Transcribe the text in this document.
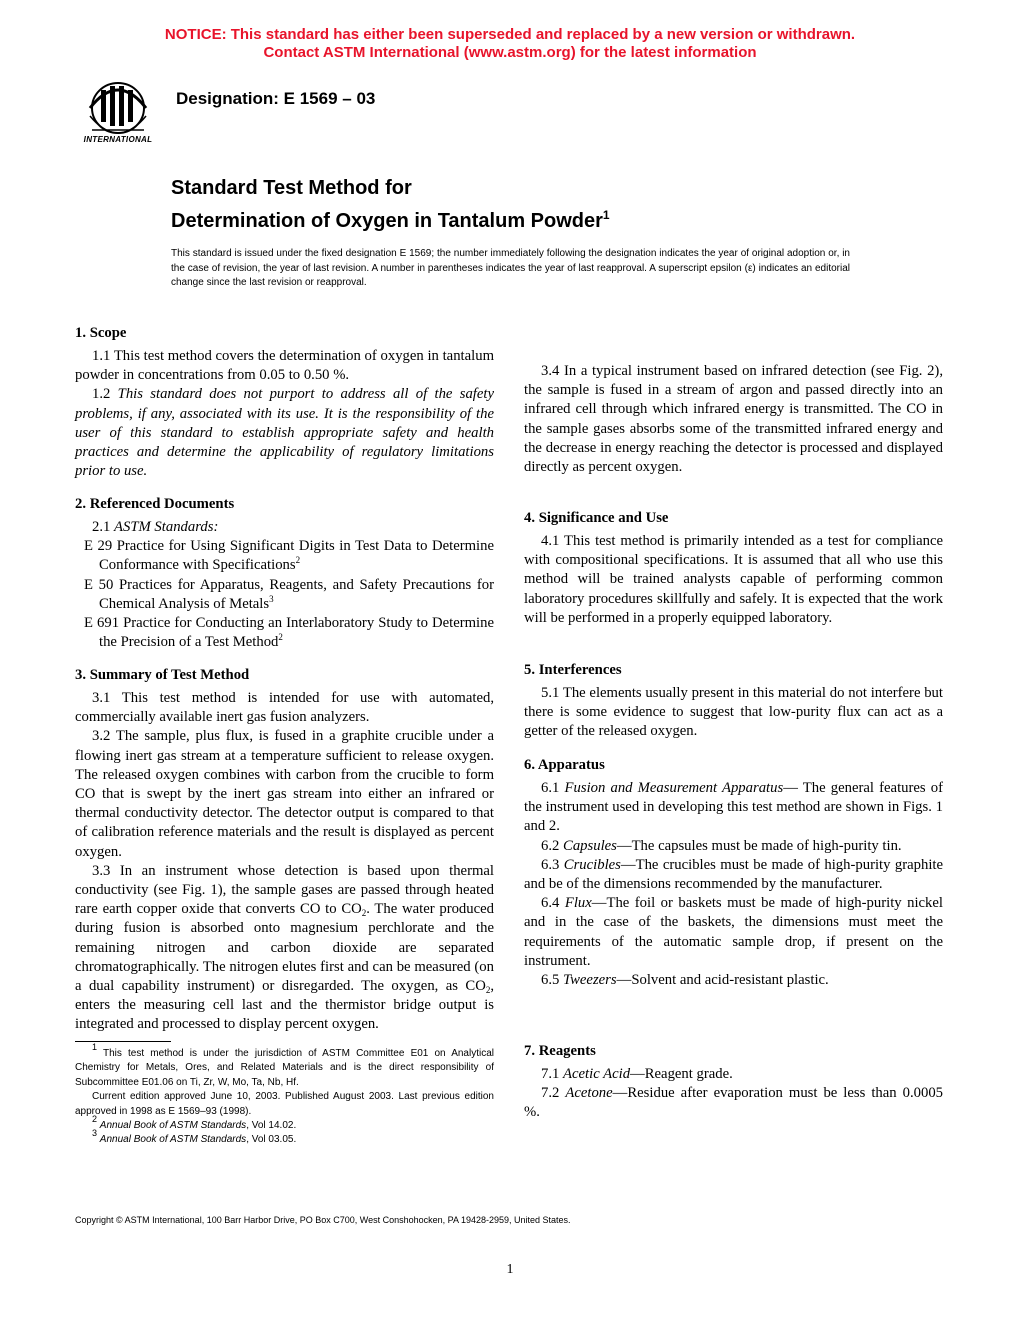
NOTICE: This standard has either been superseded and replaced by a new version or withdrawn.
Contact ASTM International (www.astm.org) for the latest information
INTERNATIONAL
Designation: E 1569 – 03
Standard Test Method for
Determination of Oxygen in Tantalum Powder$^1$
This standard is issued under the fixed designation E 1569; the number immediately following the designation indicates the year of original adoption or, in the case of revision, the year of last revision. A number in parentheses indicates the year of last reapproval. A superscript epsilon (ε) indicates an editorial change since the last revision or reapproval.
1. Scope

1.1 This test method covers the determination of oxygen in tantalum powder in concentrations from 0.05 to 0.50 %.

1.2 This standard does not purport to address all of the safety problems, if any, associated with its use. It is the responsibility of the user of this standard to establish appropriate safety and health practices and determine the applicability of regulatory limitations prior to use.

2. Referenced Documents

2.1 ASTM Standards:

E 29 Practice for Using Significant Digits in Test Data to Determine Conformance with Specifications$^2$

E 50 Practices for Apparatus, Reagents, and Safety Precautions for Chemical Analysis of Metals$^3$

E 691 Practice for Conducting an Interlaboratory Study to Determine the Precision of a Test Method$^2$

3. Summary of Test Method

3.1 This test method is intended for use with automated, commercially available inert gas fusion analyzers.

3.2 The sample, plus flux, is fused in a graphite crucible under a flowing inert gas stream at a temperature sufficient to release oxygen. The released oxygen combines with carbon from the crucible to form CO that is swept by the inert gas stream into either an infrared or thermal conductivity detector. The detector output is compared to that of calibration reference materials and the result is displayed as percent oxygen.

3.3 In an instrument whose detection is based upon thermal conductivity (see Fig. 1), the sample gases are passed through heated rare earth copper oxide that converts CO to $CO_2$. The water produced during fusion is absorbed onto magnesium perchlorate and the remaining nitrogen and carbon dioxide are separated chromatographically. The nitrogen elutes first and can be measured (on a dual capability instrument) or disregarded. The oxygen, as $CO_2$, enters the measuring cell last and the thermistor bridge output is integrated and processed to display percent oxygen.

$^1$ This test method is under the jurisdiction of ASTM Committee E01 on Analytical Chemistry for Metals, Ores, and Related Materials and is the direct responsibility of Subcommittee E01.06 on Ti, Zr, W, Mo, Ta, Nb, Hf.

Current edition approved June 10, 2003. Published August 2003. Last previous edition approved in 1998 as E 1569–93 (1998).

$^2$ Annual Book of ASTM Standards, Vol 14.02.

$^3$ Annual Book of ASTM Standards, Vol 03.05.

3.4 In a typical instrument based on infrared detection (see Fig. 2), the sample is fused in a stream of argon and passed directly into an infrared cell through which infrared energy is transmitted. The CO in the sample gases absorbs some of the transmitted infrared energy and the decrease in energy reaching the detector is processed and displayed directly as percent oxygen.

4. Significance and Use

4.1 This test method is primarily intended as a test for compliance with compositional specifications. It is assumed that all who use this method will be trained analysts capable of performing common laboratory procedures skillfully and safely. It is expected that the work will be performed in a properly equipped laboratory.

5. Interferences

5.1 The elements usually present in this material do not interfere but there is some evidence to suggest that low-purity flux can act as a getter of the released oxygen.

6. Apparatus

6.1 Fusion and Measurement Apparatus— The general features of the instrument used in developing this test method are shown in Figs. 1 and 2.

6.2 Capsules—The capsules must be made of high-purity tin.

6.3 Crucibles—The crucibles must be made of high-purity graphite and be of the dimensions recommended by the manufacturer.

6.4 Flux—The foil or baskets must be made of high-purity nickel and in the case of the baskets, the dimensions must meet the requirements of the automatic sample drop, if present on the instrument.

6.5 Tweezers—Solvent and acid-resistant plastic.

7. Reagents

7.1 Acetic Acid—Reagent grade.

7.2 Acetone—Residue after evaporation must be less than 0.0005 %.

Copyright © ASTM International, 100 Barr Harbor Drive, PO Box C700, West Conshohocken, PA 19428-2959, United States.
1
